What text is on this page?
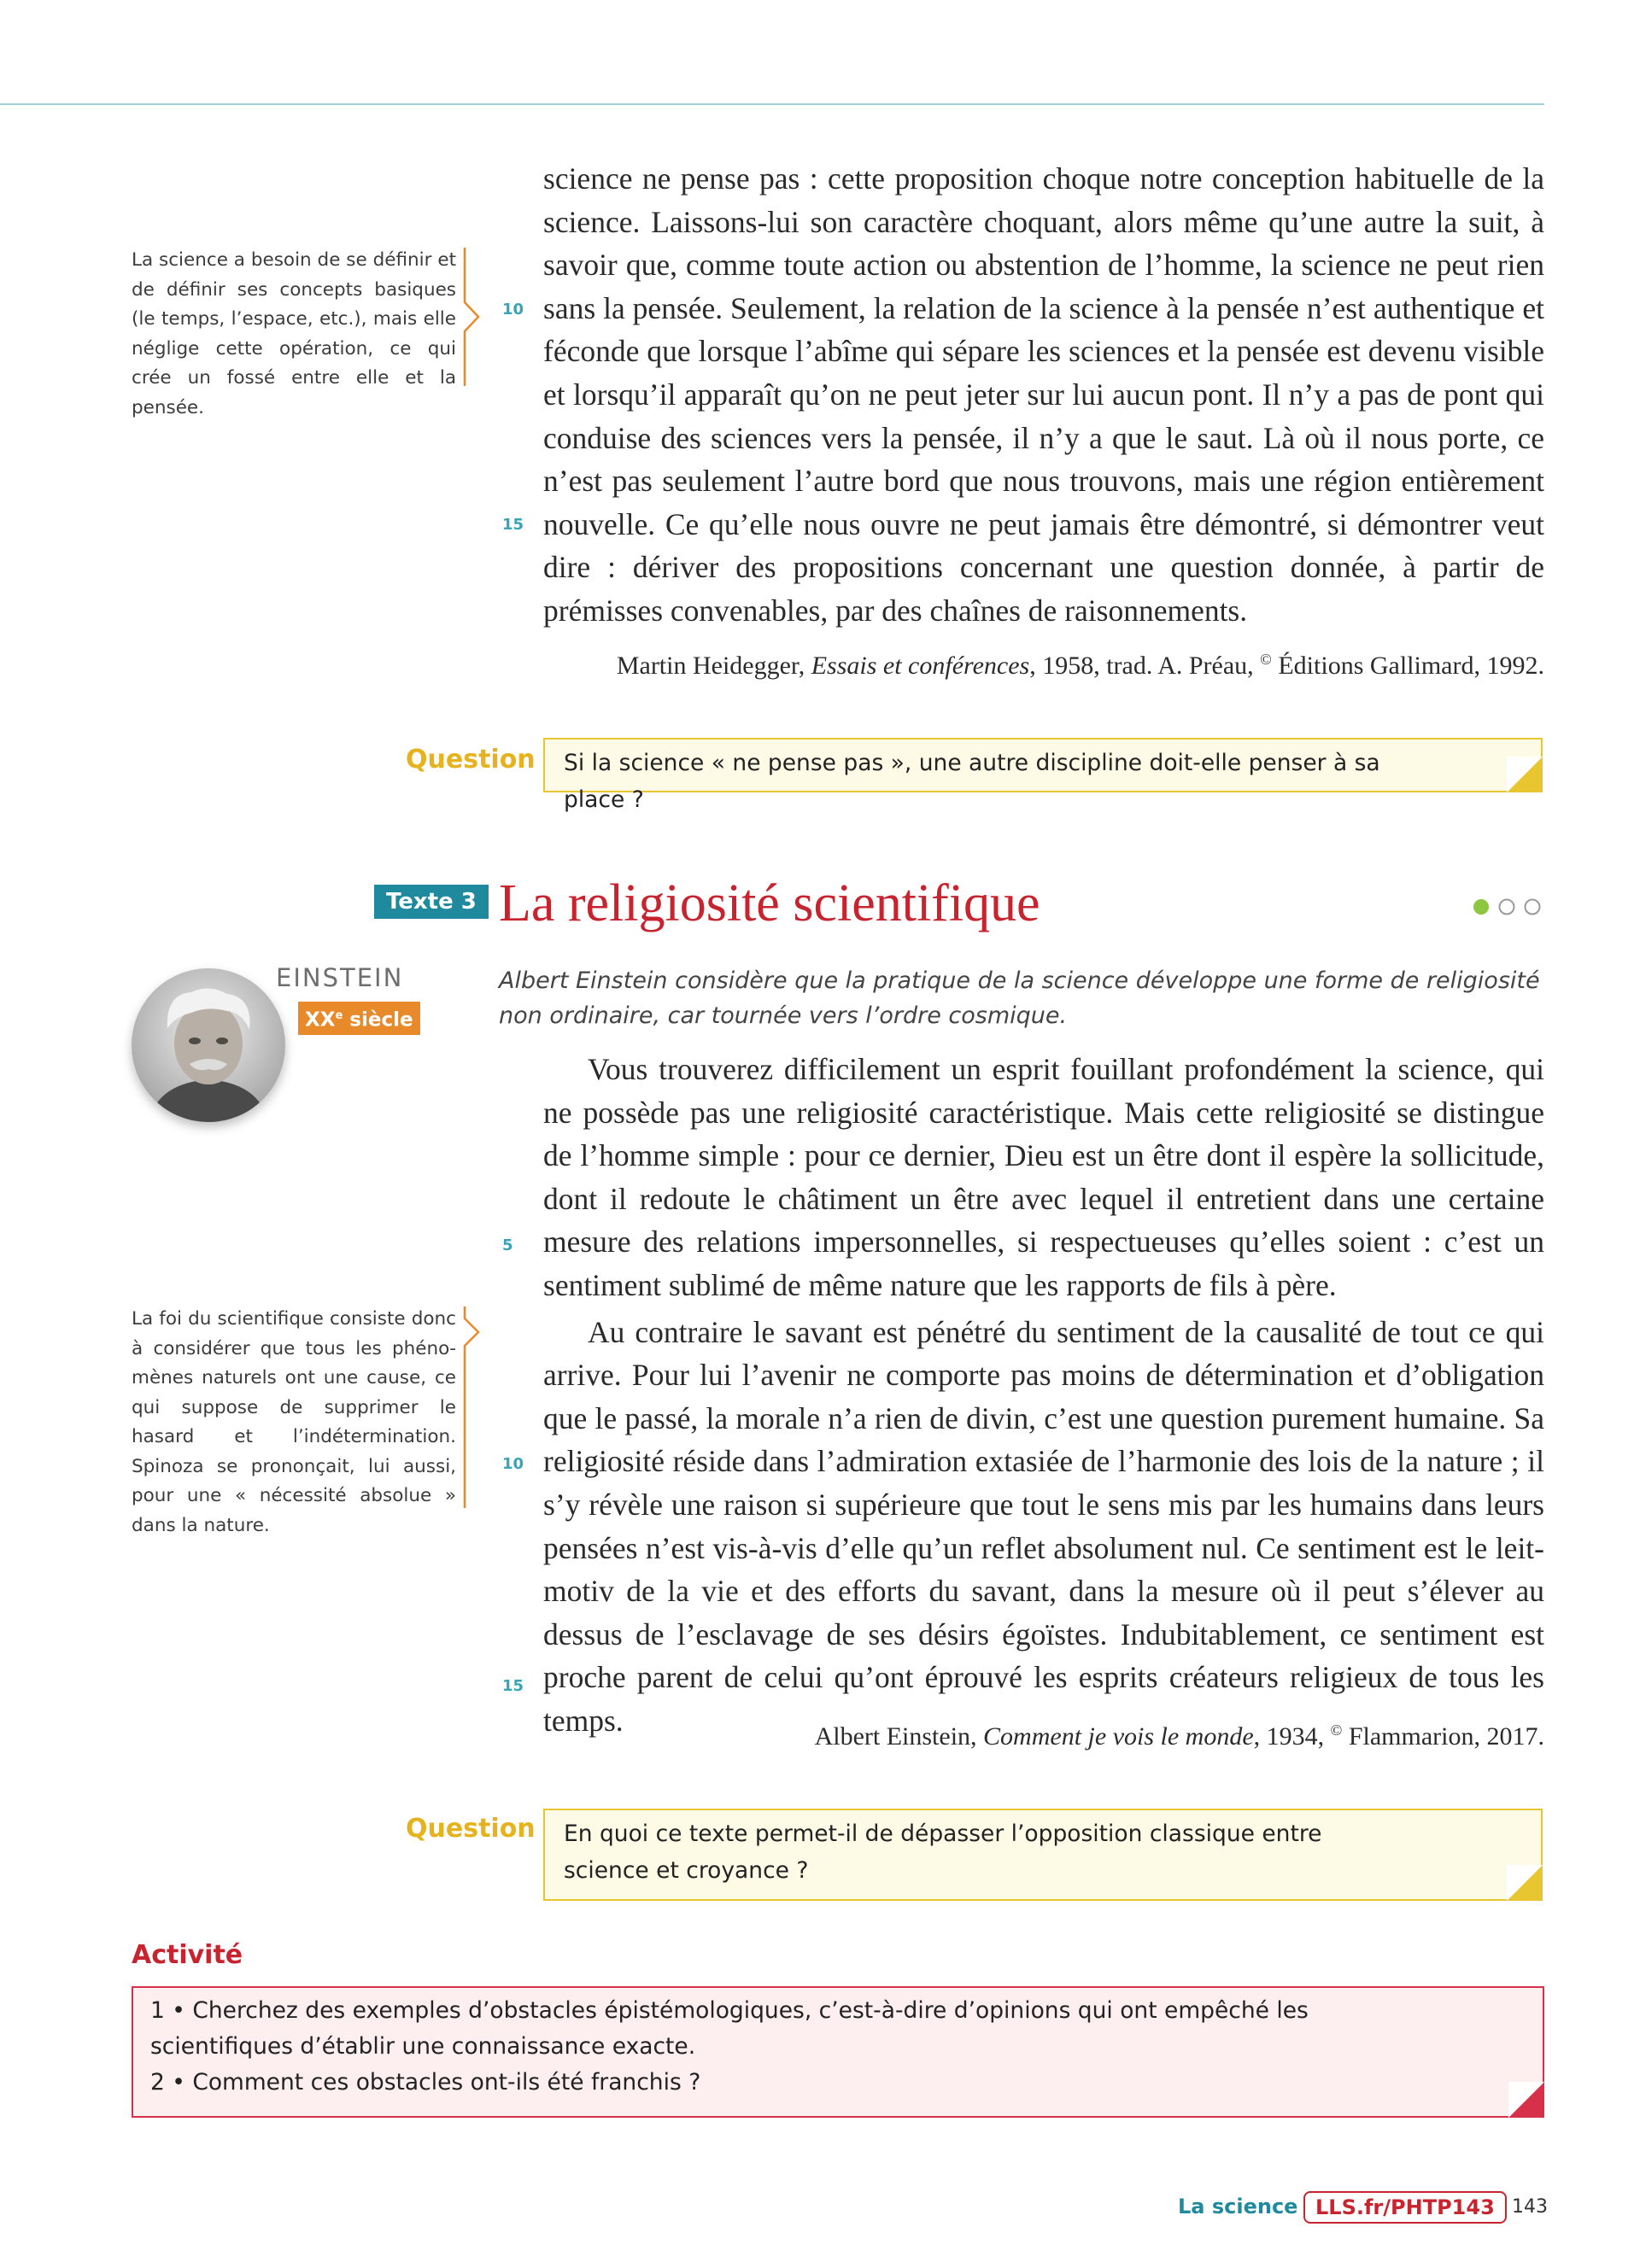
La science a besoin de se définir et de définir ses concepts basiques (le temps, l’espace, etc.), mais elle néglige cette opération, ce qui crée un fossé entre elle et la pensée.
10
15

science ne pense pas : cette proposition choque notre conception habituelle de la science. Laissons-lui son caractère choquant, alors même qu’une autre la suit, à savoir que, comme toute action ou abstention de l’homme, la science ne peut rien sans la pensée. Seulement, la relation de la science à la pensée n’est authentique et féconde que lorsque l’abîme qui sépare les sciences et la pensée est devenu visible et lorsqu’il apparaît qu’on ne peut jeter sur lui aucun pont. Il n’y a pas de pont qui conduise des sciences vers la pensée, il n’y a que le saut. Là où il nous porte, ce n’est pas seulement l’autre bord que nous trouvons, mais une région entièrement nouvelle. Ce qu’elle nous ouvre ne peut jamais être démontré, si démontrer veut dire : dériver des propositions concernant une question donnée, à partir de prémisses convenables, par des chaînes de raisonnements.

Martin Heidegger, Essais et conférences, 1958, trad. A. Préau, © Éditions Gallimard, 1992.
Question	Si la science « ne pense pas », une autre discipline doit-elle penser à sa place ?
Texte 3 La religiosité scientifique
EINSTEIN
XXe siècle

Albert Einstein considère que la pratique de la science développe une forme de religiosité non ordinaire, car tournée vers l’ordre cosmique.

La foi du scientifique consiste donc à considérer que tous les phénomènes naturels ont une cause, ce qui suppose de supprimer le hasard et l’indétermination. Spinoza se prononçait, lui aussi, pour une « nécessité absolue » dans la nature.
5
10
15

Vous trouverez difficilement un esprit fouillant profondément la science, qui ne possède pas une religiosité caractéristique. Mais cette religiosité se distingue de l’homme simple : pour ce dernier, Dieu est un être dont il espère la sollicitude, dont il redoute le châtiment un être avec lequel il entretient dans une certaine mesure des relations impersonnelles, si respectueuses qu’elles soient : c’est un sentiment sublimé de même nature que les rapports de fils à père.

Au contraire le savant est pénétré du sentiment de la causalité de tout ce qui arrive. Pour lui l’avenir ne comporte pas moins de détermination et d’obligation que le passé, la morale n’a rien de divin, c’est une question purement humaine. Sa religiosité réside dans l’admiration extasiée de l’harmonie des lois de la nature ; il s’y révèle une raison si supérieure que tout le sens mis par les humains dans leurs pensées n’est vis-à-vis d’elle qu’un reflet absolument nul. Ce sentiment est le leitmotiv de la vie et des efforts du savant, dans la mesure où il peut s’élever au dessus de l’esclavage de ses désirs égoïstes. Indubitablement, ce sentiment est proche parent de celui qu’ont éprouvé les esprits créateurs religieux de tous les temps.	Albert Einstein, Comment je vois le monde, 1934, © Flammarion, 2017.
Question En quoi ce texte permet-il de dépasser l’opposition classique entre science et croyance ?
Activité

1 • Cherchez des exemples d’obstacles épistémologiques, c’est-à-dire d’opinions qui ont empêché les scientifiques d’établir une connaissance exacte.

2 • Comment ces obstacles ont-ils été franchis ?

La science LLS.fr/PHTP143 143
